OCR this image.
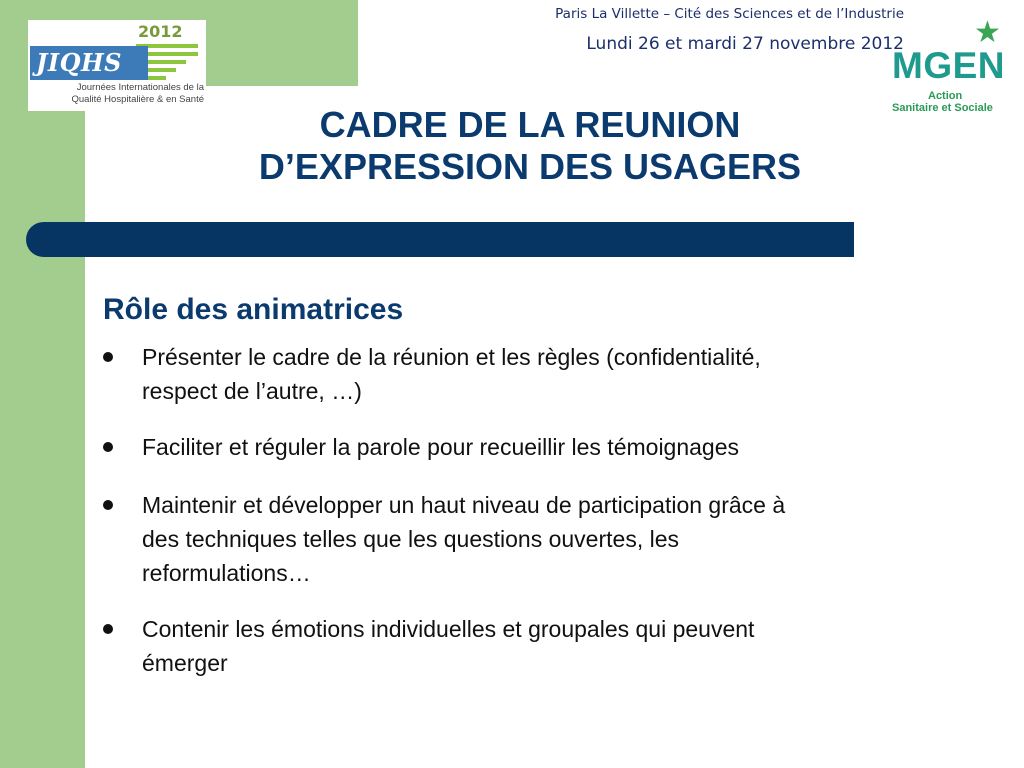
2012
JIQHS
Journées Internationales de la
Qualité Hospitalière & en Santé
Paris La Villette – Cité des Sciences et de l’Industrie
Lundi 26 et mardi 27 novembre 2012 ★
MGEN
Action
Sanitaire et Sociale
CADRE DE LA REUNION
D’EXPRESSION DES USAGERS
Rôle des animatrices
Présenter le cadre de la réunion et les règles (confidentialité,
respect de l’autre, …)
Faciliter et réguler la parole pour recueillir les témoignages
Maintenir et développer un haut niveau de participation grâce à
des techniques telles que les questions ouvertes, les
reformulations…
Contenir les émotions individuelles et groupales qui peuvent
émerger
